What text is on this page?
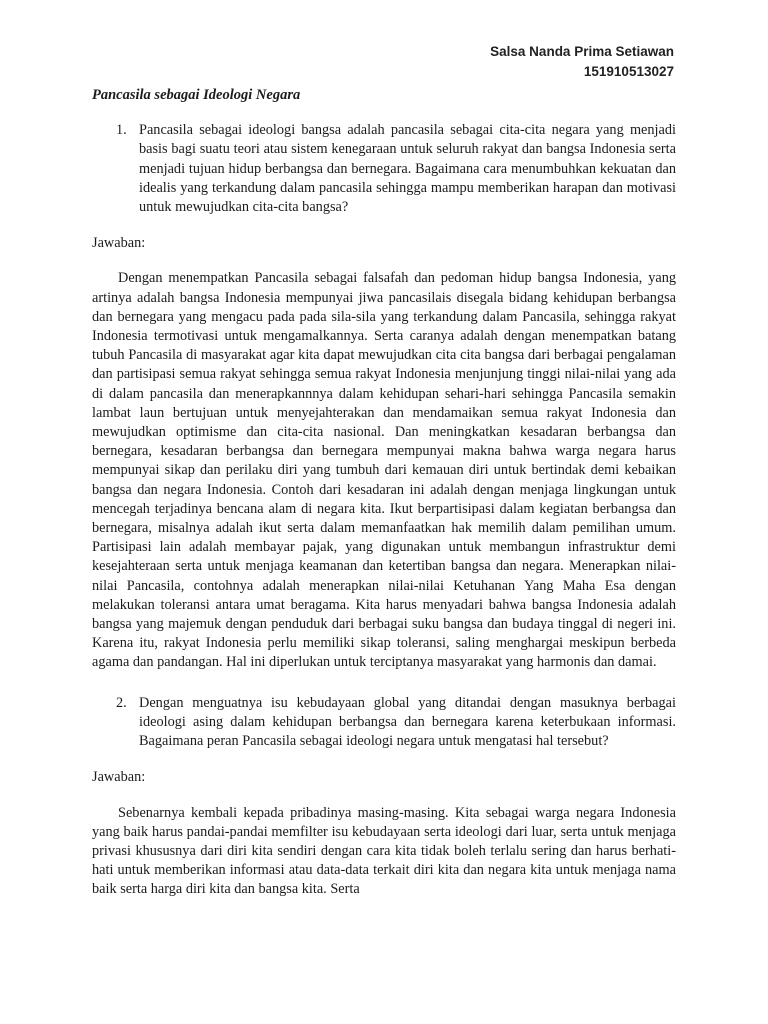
Salsa Nanda Prima Setiawan
151910513027
Pancasila sebagai Ideologi Negara

1. Pancasila sebagai ideologi bangsa adalah pancasila sebagai cita-cita negara yang menjadi basis bagi suatu teori atau sistem kenegaraan untuk seluruh rakyat dan bangsa Indonesia serta menjadi tujuan hidup berbangsa dan bernegara. Bagaimana cara menumbuhkan kekuatan dan idealis yang terkandung dalam pancasila sehingga mampu memberikan harapan dan motivasi untuk mewujudkan cita-cita bangsa?

Jawaban:

Dengan menempatkan Pancasila sebagai falsafah dan pedoman hidup bangsa Indonesia, yang artinya adalah bangsa Indonesia mempunyai jiwa pancasilais disegala bidang kehidupan berbangsa dan bernegara yang mengacu pada pada sila-sila yang terkandung dalam Pancasila, sehingga rakyat Indonesia termotivasi untuk mengamalkannya. Serta caranya adalah dengan menempatkan batang tubuh Pancasila di masyarakat agar kita dapat mewujudkan cita cita bangsa dari berbagai pengalaman dan partisipasi semua rakyat sehingga semua rakyat Indonesia menjunjung tinggi nilai-nilai yang ada di dalam pancasila dan menerapkannnya dalam kehidupan sehari-hari sehingga Pancasila semakin lambat laun bertujuan untuk menyejahterakan dan mendamaikan semua rakyat Indonesia dan mewujudkan optimisme dan cita-cita nasional. Dan meningkatkan kesadaran berbangsa dan bernegara, kesadaran berbangsa dan bernegara mempunyai makna bahwa warga negara harus mempunyai sikap dan perilaku diri yang tumbuh dari kemauan diri untuk bertindak demi kebaikan bangsa dan negara Indonesia. Contoh dari kesadaran ini adalah dengan menjaga lingkungan untuk mencegah terjadinya bencana alam di negara kita. Ikut berpartisipasi dalam kegiatan berbangsa dan bernegara, misalnya adalah ikut serta dalam memanfaatkan hak memilih dalam pemilihan umum. Partisipasi lain adalah membayar pajak, yang digunakan untuk membangun infrastruktur demi kesejahteraan serta untuk menjaga keamanan dan ketertiban bangsa dan negara. Menerapkan nilai-nilai Pancasila, contohnya adalah menerapkan nilai-nilai Ketuhanan Yang Maha Esa dengan melakukan toleransi antara umat beragama. Kita harus menyadari bahwa bangsa Indonesia adalah bangsa yang majemuk dengan penduduk dari berbagai suku bangsa dan budaya tinggal di negeri ini. Karena itu, rakyat Indonesia perlu memiliki sikap toleransi, saling menghargai meskipun berbeda agama dan pandangan. Hal ini diperlukan untuk terciptanya masyarakat yang harmonis dan damai.

2. Dengan menguatnya isu kebudayaan global yang ditandai dengan masuknya berbagai ideologi asing dalam kehidupan berbangsa dan bernegara karena keterbukaan informasi. Bagaimana peran Pancasila sebagai ideologi negara untuk mengatasi hal tersebut?

Jawaban:

Sebenarnya kembali kepada pribadinya masing-masing. Kita sebagai warga negara Indonesia yang baik harus pandai-pandai memfilter isu kebudayaan serta ideologi dari luar, serta untuk menjaga privasi khususnya dari diri kita sendiri dengan cara kita tidak boleh terlalu sering dan harus berhati-hati untuk memberikan informasi atau data-data terkait diri kita dan negara kita untuk menjaga nama baik serta harga diri kita dan bangsa kita. Serta
